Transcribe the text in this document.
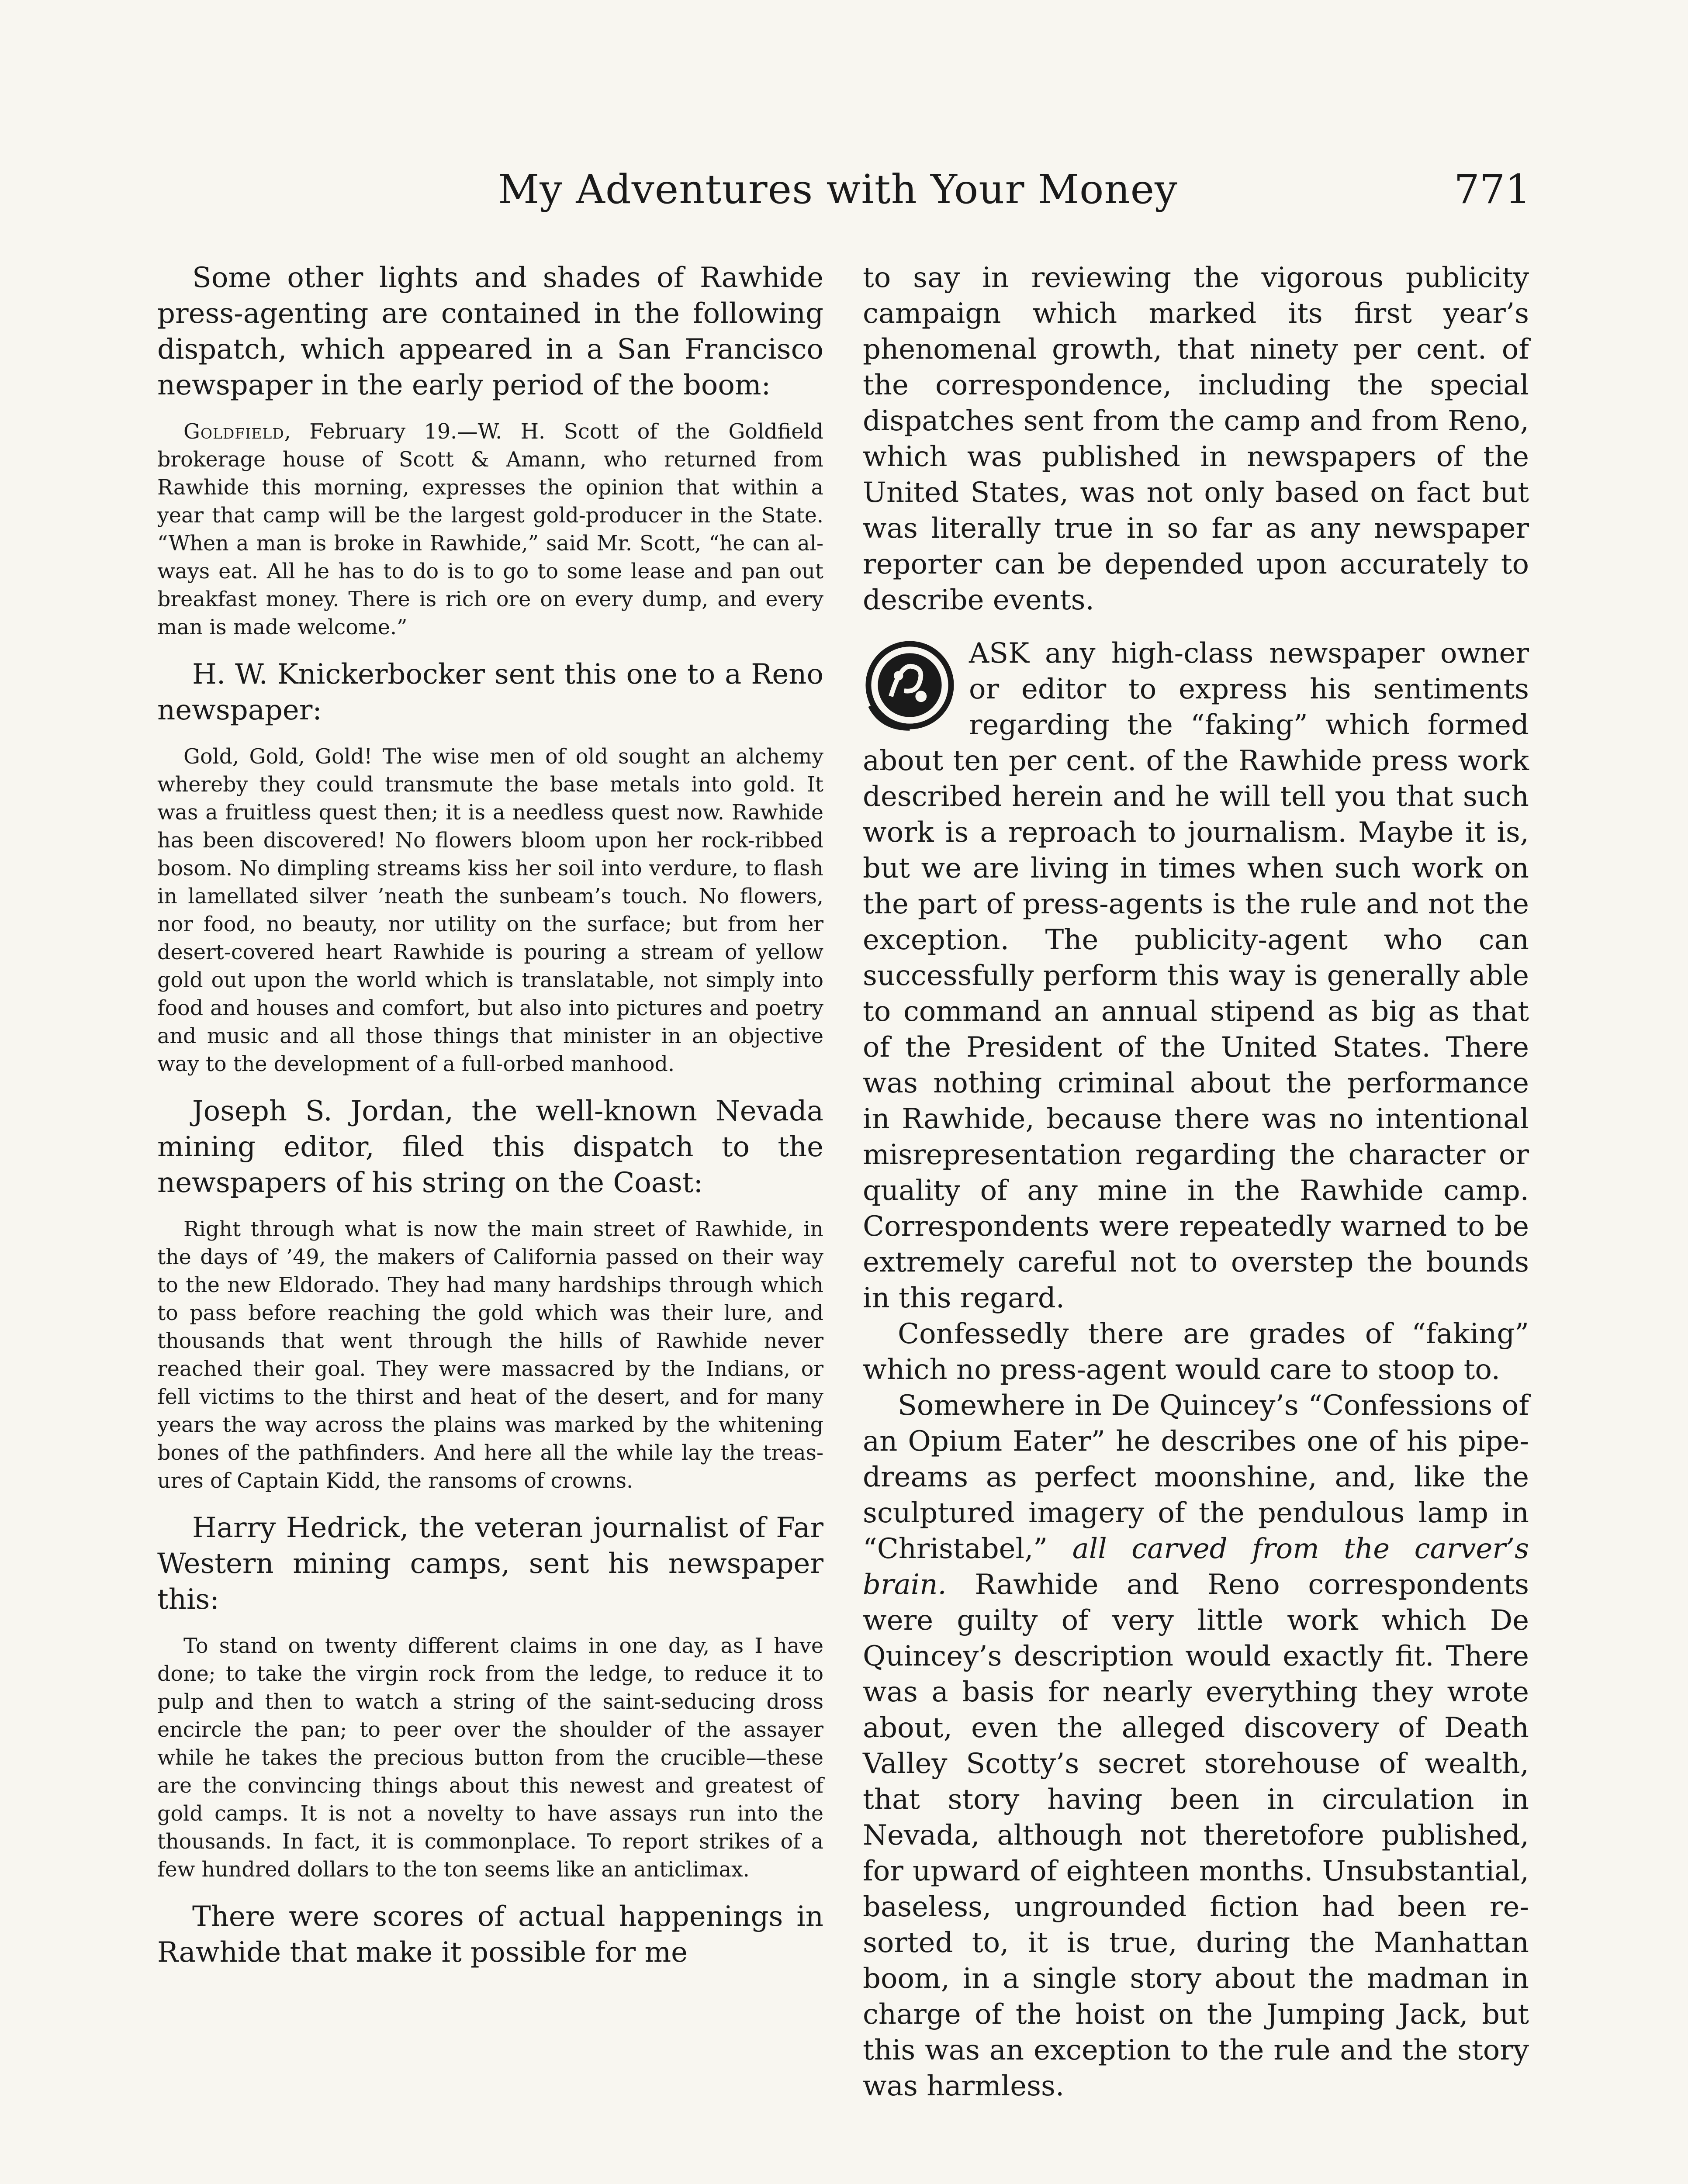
My Adventures with Your Money	771

Some other lights and shades of Rawhide press-agenting are contained in the following dispatch, which appeared in a San Francisco newspaper in the early period of the boom:

Goldfield, February 19.—W. H. Scott of the Goldfield brokerage house of Scott & Amann, who returned from Rawhide this morning, expresses the opinion that within a year that camp will be the largest gold-producer in the State. “When a man is broke in Rawhide,” said Mr. Scott, “he can always eat. All he has to do is to go to some lease and pan out breakfast money. There is rich ore on every dump, and every man is made welcome.”

H. W. Knickerbocker sent this one to a Reno newspaper:

Gold, Gold, Gold! The wise men of old sought an alchemy whereby they could transmute the base metals into gold. It was a fruitless quest then; it is a needless quest now. Rawhide has been discovered! No flowers bloom upon her rock-ribbed bosom. No dimpling streams kiss her soil into verdure, to flash in lamellated silver ’neath the sunbeam’s touch. No flowers, nor food, no beauty, nor utility on the surface; but from her desert-covered heart Rawhide is pouring a stream of yellow gold out upon the world which is translatable, not simply into food and houses and comfort, but also into pictures and poetry and music and all those things that minister in an objective way to the development of a full-orbed manhood.

Joseph S. Jordan, the well-known Nevada mining editor, filed this dispatch to the newspapers of his string on the Coast:

Right through what is now the main street of Rawhide, in the days of ’49, the makers of California passed on their way to the new Eldorado. They had many hardships through which to pass before reaching the gold which was their lure, and thousands that went through the hills of Rawhide never reached their goal. They were massacred by the Indians, or fell victims to the thirst and heat of the desert, and for many years the way across the plains was marked by the whitening bones of the pathfinders. And here all the while lay the treasures of Captain Kidd, the ransoms of crowns.

Harry Hedrick, the veteran journalist of Far Western mining camps, sent his newspaper this:

To stand on twenty different claims in one day, as I have done; to take the virgin rock from the ledge, to reduce it to pulp and then to watch a string of the saint-seducing dross encircle the pan; to peer over the shoulder of the assayer while he takes the precious button from the crucible—these are the convincing things about this newest and greatest of gold camps. It is not a novelty to have assays run into the thousands. In fact, it is commonplace. To report strikes of a few hundred dollars to the ton seems like an anticlimax.

There were scores of actual happenings in Rawhide that make it possible for me

to say in reviewing the vigorous publicity campaign which marked its first year’s phenomenal growth, that ninety per cent. of the correspondence, including the special dispatches sent from the camp and from Reno, which was published in newspapers of the United States, was not only based on fact but was literally true in so far as any newspaper reporter can be depended upon accurately to describe events.

ASK any high-class newspaper owner or editor to express his sentiments regarding the “faking” which formed about ten per cent. of the Rawhide press work described herein and he will tell you that such work is a reproach to journalism. Maybe it is, but we are living in times when such work on the part of press-agents is the rule and not the exception. The publicity-agent who can successfully perform this way is generally able to command an annual stipend as big as that of the President of the United States. There was nothing criminal about the performance in Rawhide, because there was no intentional misrepresentation regarding the character or quality of any mine in the Rawhide camp. Correspondents were repeatedly warned to be extremely careful not to overstep the bounds in this regard.

Confessedly there are grades of “faking” which no press-agent would care to stoop to.

Somewhere in De Quincey’s “Confessions of an Opium Eater” he describes one of his pipe-dreams as perfect moonshine, and, like the sculptured imagery of the pendulous lamp in “Christabel,” all carved from the carver’s brain. Rawhide and Reno correspondents were guilty of very little work which De Quincey’s description would exactly fit. There was a basis for nearly everything they wrote about, even the alleged discovery of Death Valley Scotty’s secret storehouse of wealth, that story having been in circulation in Nevada, although not theretofore published, for upward of eighteen months. Unsubstantial, baseless, ungrounded fiction had been resorted to, it is true, during the Manhattan boom, in a single story about the madman in charge of the hoist on the Jumping Jack, but this was an exception to the rule and the story was harmless.
